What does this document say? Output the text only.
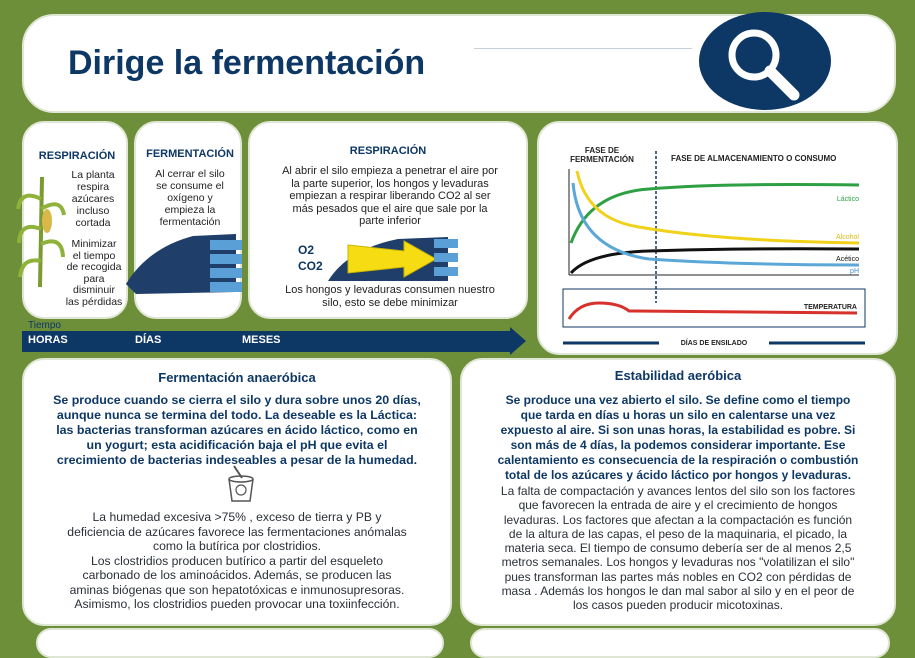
Dirige la fermentación
RESPIRACIÓN
La planta
respira
azúcares
incluso
cortada
Minimizar
el tiempo
de recogida
para
disminuir
las pérdidas
FERMENTACIÓN
Al cerrar el silo
se consume el
oxígeno y
empieza la
fermentación
RESPIRACIÓN
Al abrir el silo empieza a penetrar el aire por
la parte superior, los hongos y levaduras
empiezan a respirar liberando CO2 al ser
más pesados que el aire que sale por la
parte inferior
O2
CO2
Los hongos y levaduras consumen nuestro
silo, esto se debe minimizar
FASE DE FERMENTACIÓN	FASE DE ALMACENAMIENTO O CONSUMO
Láctico
Alcohol
Acético
pH
TEMPERATURA
DÍAS DE ENSILADO
Tiempo
HORAS	DÍAS	MESES
Fermentación anaeróbica
Se produce cuando se cierra el silo y dura sobre unos 20 días,
aunque nunca se termina del todo. La deseable es la Láctica:
las bacterias transforman azúcares en ácido láctico, como en
un yogurt; esta acidificación baja el pH que evita el
crecimiento de bacterias indeseables a pesar de la humedad.
La humedad excesiva >75% , exceso de tierra y PB y
deficiencia de azúcares favorece las fermentaciones anómalas
como la butírica por clostridios.
Los clostridios producen butírico a partir del esqueleto
carbonado de los aminoácidos. Además, se producen las
aminas biógenas que son hepatotóxicas e inmunosupresoras.
Asimismo, los clostridios pueden provocar una toxiinfección.
Estabilidad aeróbica
Se produce una vez abierto el silo. Se define como el tiempo
que tarda en días u horas un silo en calentarse una vez
expuesto al aire. Si son unas horas, la estabilidad es pobre. Si
son más de 4 días, la podemos considerar importante. Ese
calentamiento es consecuencia de la respiración o combustión
total de los azúcares y ácido láctico por hongos y levaduras.
La falta de compactación y avances lentos del silo son los factores
que favorecen la entrada de aire y el crecimiento de hongos
levaduras. Los factores que afectan a la compactación es función
de la altura de las capas, el peso de la maquinaria, el picado, la
materia seca. El tiempo de consumo debería ser de al menos 2,5
metros semanales. Los hongos y levaduras nos "volatilizan el silo"
pues transforman las partes más nobles en CO2 con pérdidas de
masa . Además los hongos le dan mal sabor al silo y en el peor de
los casos pueden producir micotoxinas.
